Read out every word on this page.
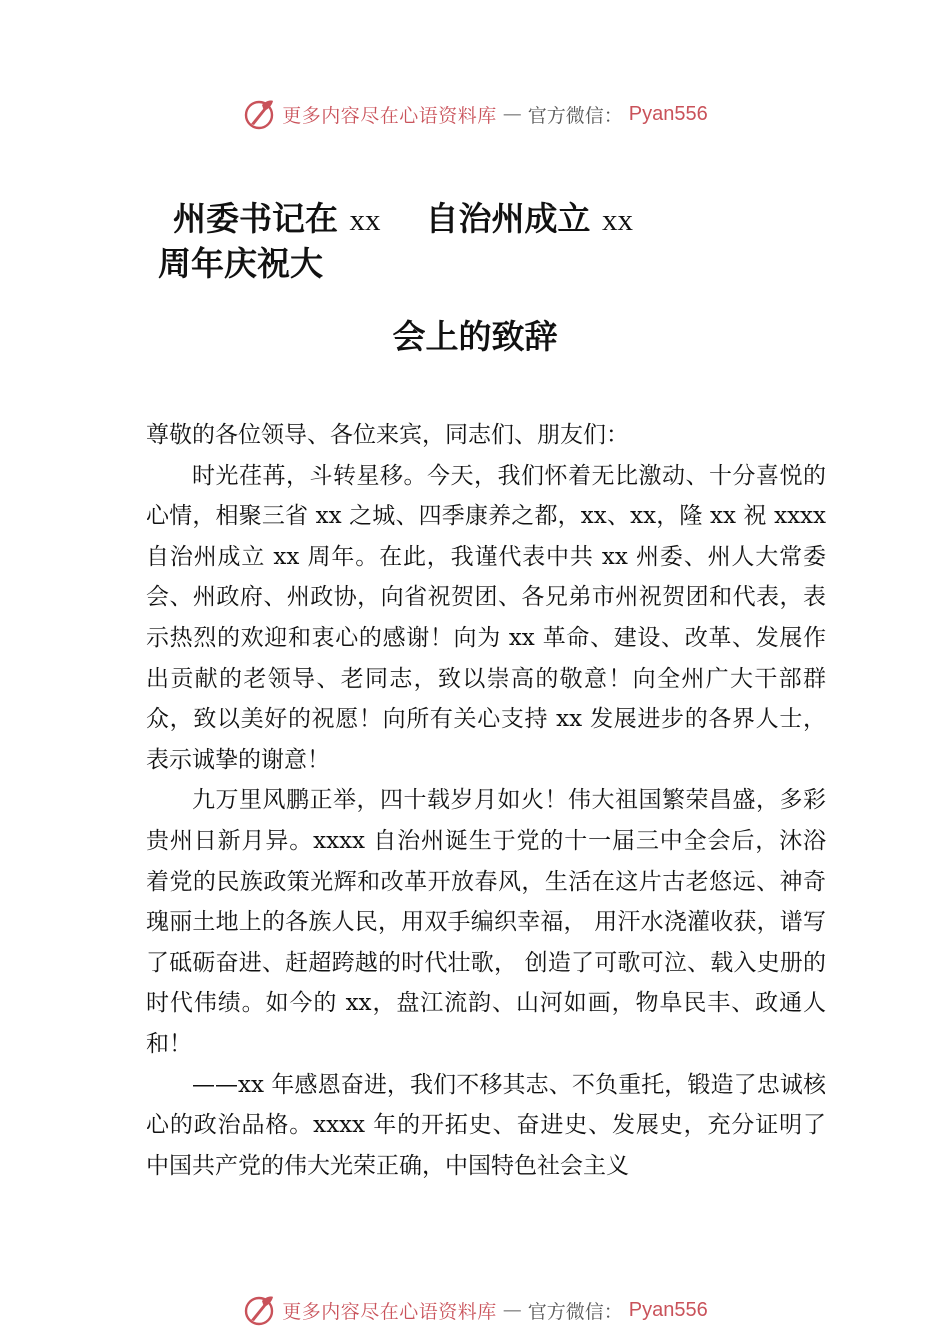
更多内容尽在心语资料库 — 官方微信： Pyan556
州委书记在 xx 自治州成立 xx
周年庆祝大
会上的致辞

尊敬的各位领导、各位来宾，同志们、朋友们：

时光荏苒，斗转星移。今天，我们怀着无比激动、十分喜悦的心情，相聚三省 xx 之城、四季康养之都，xx、xx，隆 xx 祝 xxxx 自治州成立 xx 周年。在此，我谨代表中共 xx 州委、州人大常委会、州政府、州政协，向省祝贺团、各兄弟市州祝贺团和代表，表示热烈的欢迎和衷心的感谢！向为 xx 革命、建设、改革、发展作出贡献的老领导、老同志，致以崇高的敬意！向全州广大干部群众，致以美好的祝愿！向所有关心支持 xx 发展进步的各界人士，表示诚挚的谢意！

九万里风鹏正举，四十载岁月如火！伟大祖国繁荣昌盛，多彩贵州日新月异。xxxx 自治州诞生于党的十一届三中全会后，沐浴着党的民族政策光辉和改革开放春风，生活在这片古老悠远、神奇瑰丽土地上的各族人民，用双手编织幸福， 用汗水浇灌收获，谱写了砥砺奋进、赶超跨越的时代壮歌， 创造了可歌可泣、载入史册的时代伟绩。如今的 xx，盘江流韵、山河如画，物阜民丰、政通人和！

——xx 年感恩奋进，我们不移其志、不负重托，锻造了忠诚核心的政治品格。xxxx 年的开拓史、奋进史、发展史，充分证明了中国共产党的伟大光荣正确，中国特色社会主义

更多内容尽在心语资料库 — 官方微信： Pyan556
